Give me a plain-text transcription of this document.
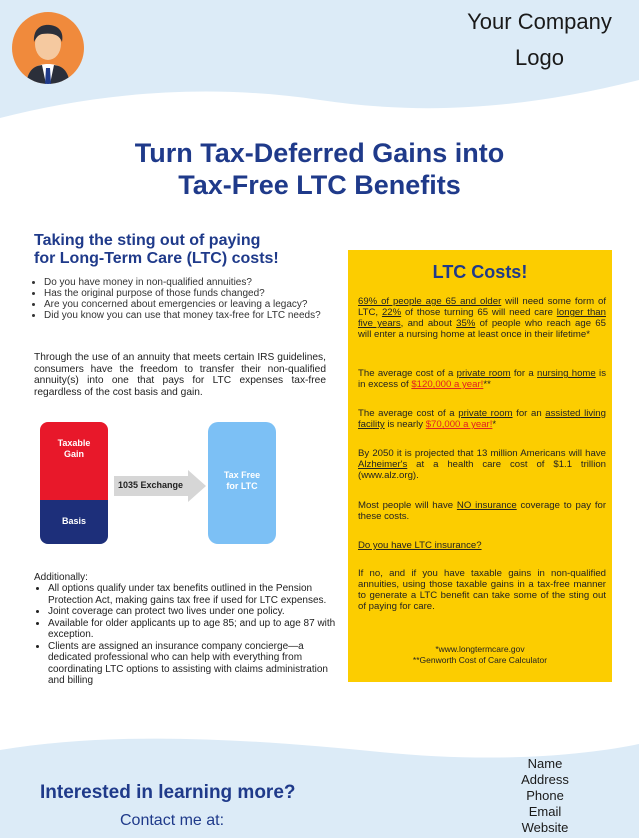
Your Company Logo
Turn Tax-Deferred Gains into
Tax-Free LTC Benefits
Taking the sting out of paying
for Long-Term Care (LTC) costs!
• Do you have money in non-qualified annuities?
• Has the original purpose of those funds changed?
• Are you concerned about emergencies or leaving a legacy?
• Did you know you can use that money tax-free for LTC needs?
Through the use of an annuity that meets certain IRS guidelines, consumers have the freedom to transfer their non-qualified annuity(s) into one that pays for LTC expenses tax-free regardless of the cost basis and gain.
Taxable Gain
Basis
1035 Exchange
Tax Free for LTC
Additionally:
• All options qualify under tax benefits outlined in the Pension Protection Act, making gains tax free if used for LTC expenses.
• Joint coverage can protect two lives under one policy.
• Available for older applicants up to age 85; and up to age 87 with exception.
• Clients are assigned an insurance company concierge—a dedicated professional who can help with everything from coordinating LTC options to assisting with claims administration and billing
LTC Costs!
69% of people age 65 and older will need some form of LTC, 22% of those turning 65 will need care longer than five years, and about 35% of people who reach age 65 will enter a nursing home at least once in their lifetime*
The average cost of a private room for a nursing home is in excess of $120,000 a year!**
The average cost of a private room for an assisted living facility is nearly $70,000 a year!*
By 2050 it is projected that 13 million Americans will have Alzheimer's at a health care cost of $1.1 trillion (www.alz.org).
Most people will have NO insurance coverage to pay for these costs.
Do you have LTC insurance?
If no, and if you have taxable gains in non-qualified annuities, using those taxable gains in a tax-free manner to generate a LTC benefit can take some of the sting out of paying for care.
*www.longtermcare.gov
**Genworth Cost of Care Calculator
Interested in learning more?
Contact me at:
Name
Address
Phone
Email
Website
